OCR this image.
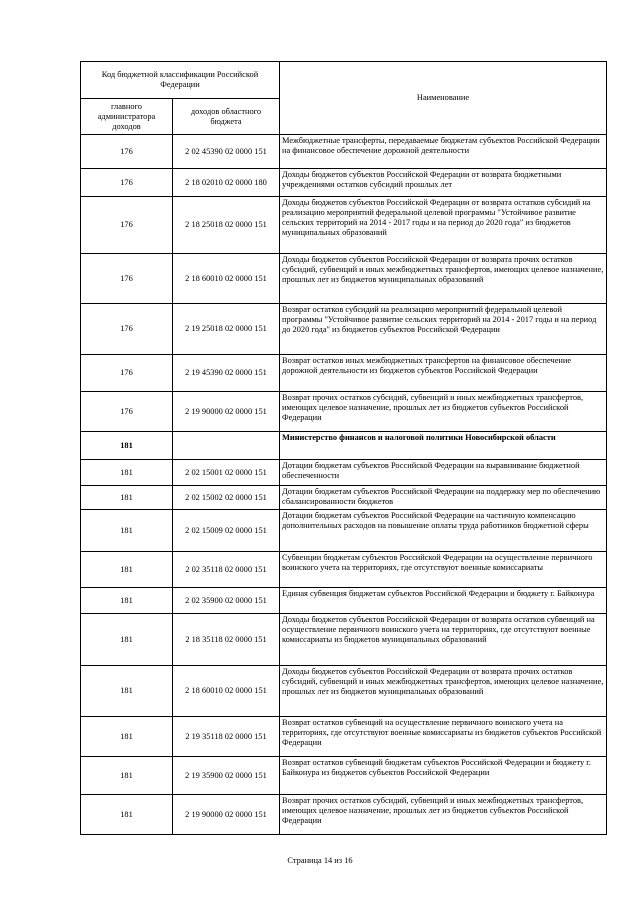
Код бюджетной классификации Российской Федерации		Наименование
главного администратора доходов	доходов областного бюджета	
176	2 02 45390 02 0000 151	Межбюджетные трансферты, передаваемые бюджетам субъектов Российской Федерации на финансовое обеспечение дорожной деятельности
176	2 18 02010 02 0000 180	Доходы бюджетов субъектов Российской Федерации от возврата бюджетными учреждениями остатков субсидий прошлых лет
176	2 18 25018 02 0000 151	Доходы бюджетов субъектов Российской Федерации от возврата остатков субсидий на реализацию мероприятий федеральной целевой программы "Устойчивое развитие сельских территорий на 2014 - 2017 годы и на период до 2020 года" из бюджетов муниципальных образований
176	2 18 60010 02 0000 151	Доходы бюджетов субъектов Российской Федерации от возврата прочих остатков субсидий, субвенций и иных межбюджетных трансфертов, имеющих целевое назначение, прошлых лет из бюджетов муниципальных образований
176	2 19 25018 02 0000 151	Возврат остатков субсидий на реализацию мероприятий федеральной целевой программы "Устойчивое развитие сельских территорий на 2014 - 2017 годы и на период до 2020 года" из бюджетов субъектов Российской Федерации
176	2 19 45390 02 0000 151	Возврат остатков иных межбюджетных трансфертов на финансовое обеспечение дорожной деятельности из бюджетов субъектов Российской Федерации
176	2 19 90000 02 0000 151	Возврат прочих остатков субсидий, субвенций и иных межбюджетных трансфертов, имеющих целевое назначение, прошлых лет из бюджетов субъектов Российской Федерации
181		Министерство финансов и налоговой политики Новосибирской области
181	2 02 15001 02 0000 151	Дотации бюджетам субъектов Российской Федерации на выравнивание бюджетной обеспеченности
181	2 02 15002 02 0000 151	Дотации бюджетам субъектов Российской Федерации на поддержку мер по обеспечению сбалансированности бюджетов
181	2 02 15009 02 0000 151	Дотации бюджетам субъектов Российской Федерации на частичную компенсацию дополнительных расходов на повышение оплаты труда работников бюджетной сферы
181	2 02 35118 02 0000 151	Субвенции бюджетам субъектов Российской Федерации на осуществление первичного воинского учета на территориях, где отсутствуют военные комиссариаты
181	2 02 35900 02 0000 151	Единая субвенция бюджетам субъектов Российской Федерации и бюджету г. Байконура
181	2 18 35118 02 0000 151	Доходы бюджетов субъектов Российской Федерации от возврата остатков субвенций на осуществление первичного воинского учета на территориях, где отсутствуют военные комиссариаты из бюджетов муниципальных образований
181	2 18 60010 02 0000 151	Доходы бюджетов субъектов Российской Федерации от возврата прочих остатков субсидий, субвенций и иных межбюджетных трансфертов, имеющих целевое назначение, прошлых лет из бюджетов муниципальных образований
181	2 19 35118 02 0000 151	Возврат остатков субвенций на осуществление первичного воинского учета на территориях, где отсутствуют военные комиссариаты из бюджетов субъектов Российской Федерации
181	2 19 35900 02 0000 151	Возврат остатков субвенций бюджетам субъектов Российской Федерации и бюджету г. Байконура из бюджетов субъектов Российской Федерации
181	2 19 90000 02 0000 151	Возврат прочих остатков субсидий, субвенций и иных межбюджетных трансфертов, имеющих целевое назначение, прошлых лет из бюджетов субъектов Российской Федерации
Страница 14 из 16
